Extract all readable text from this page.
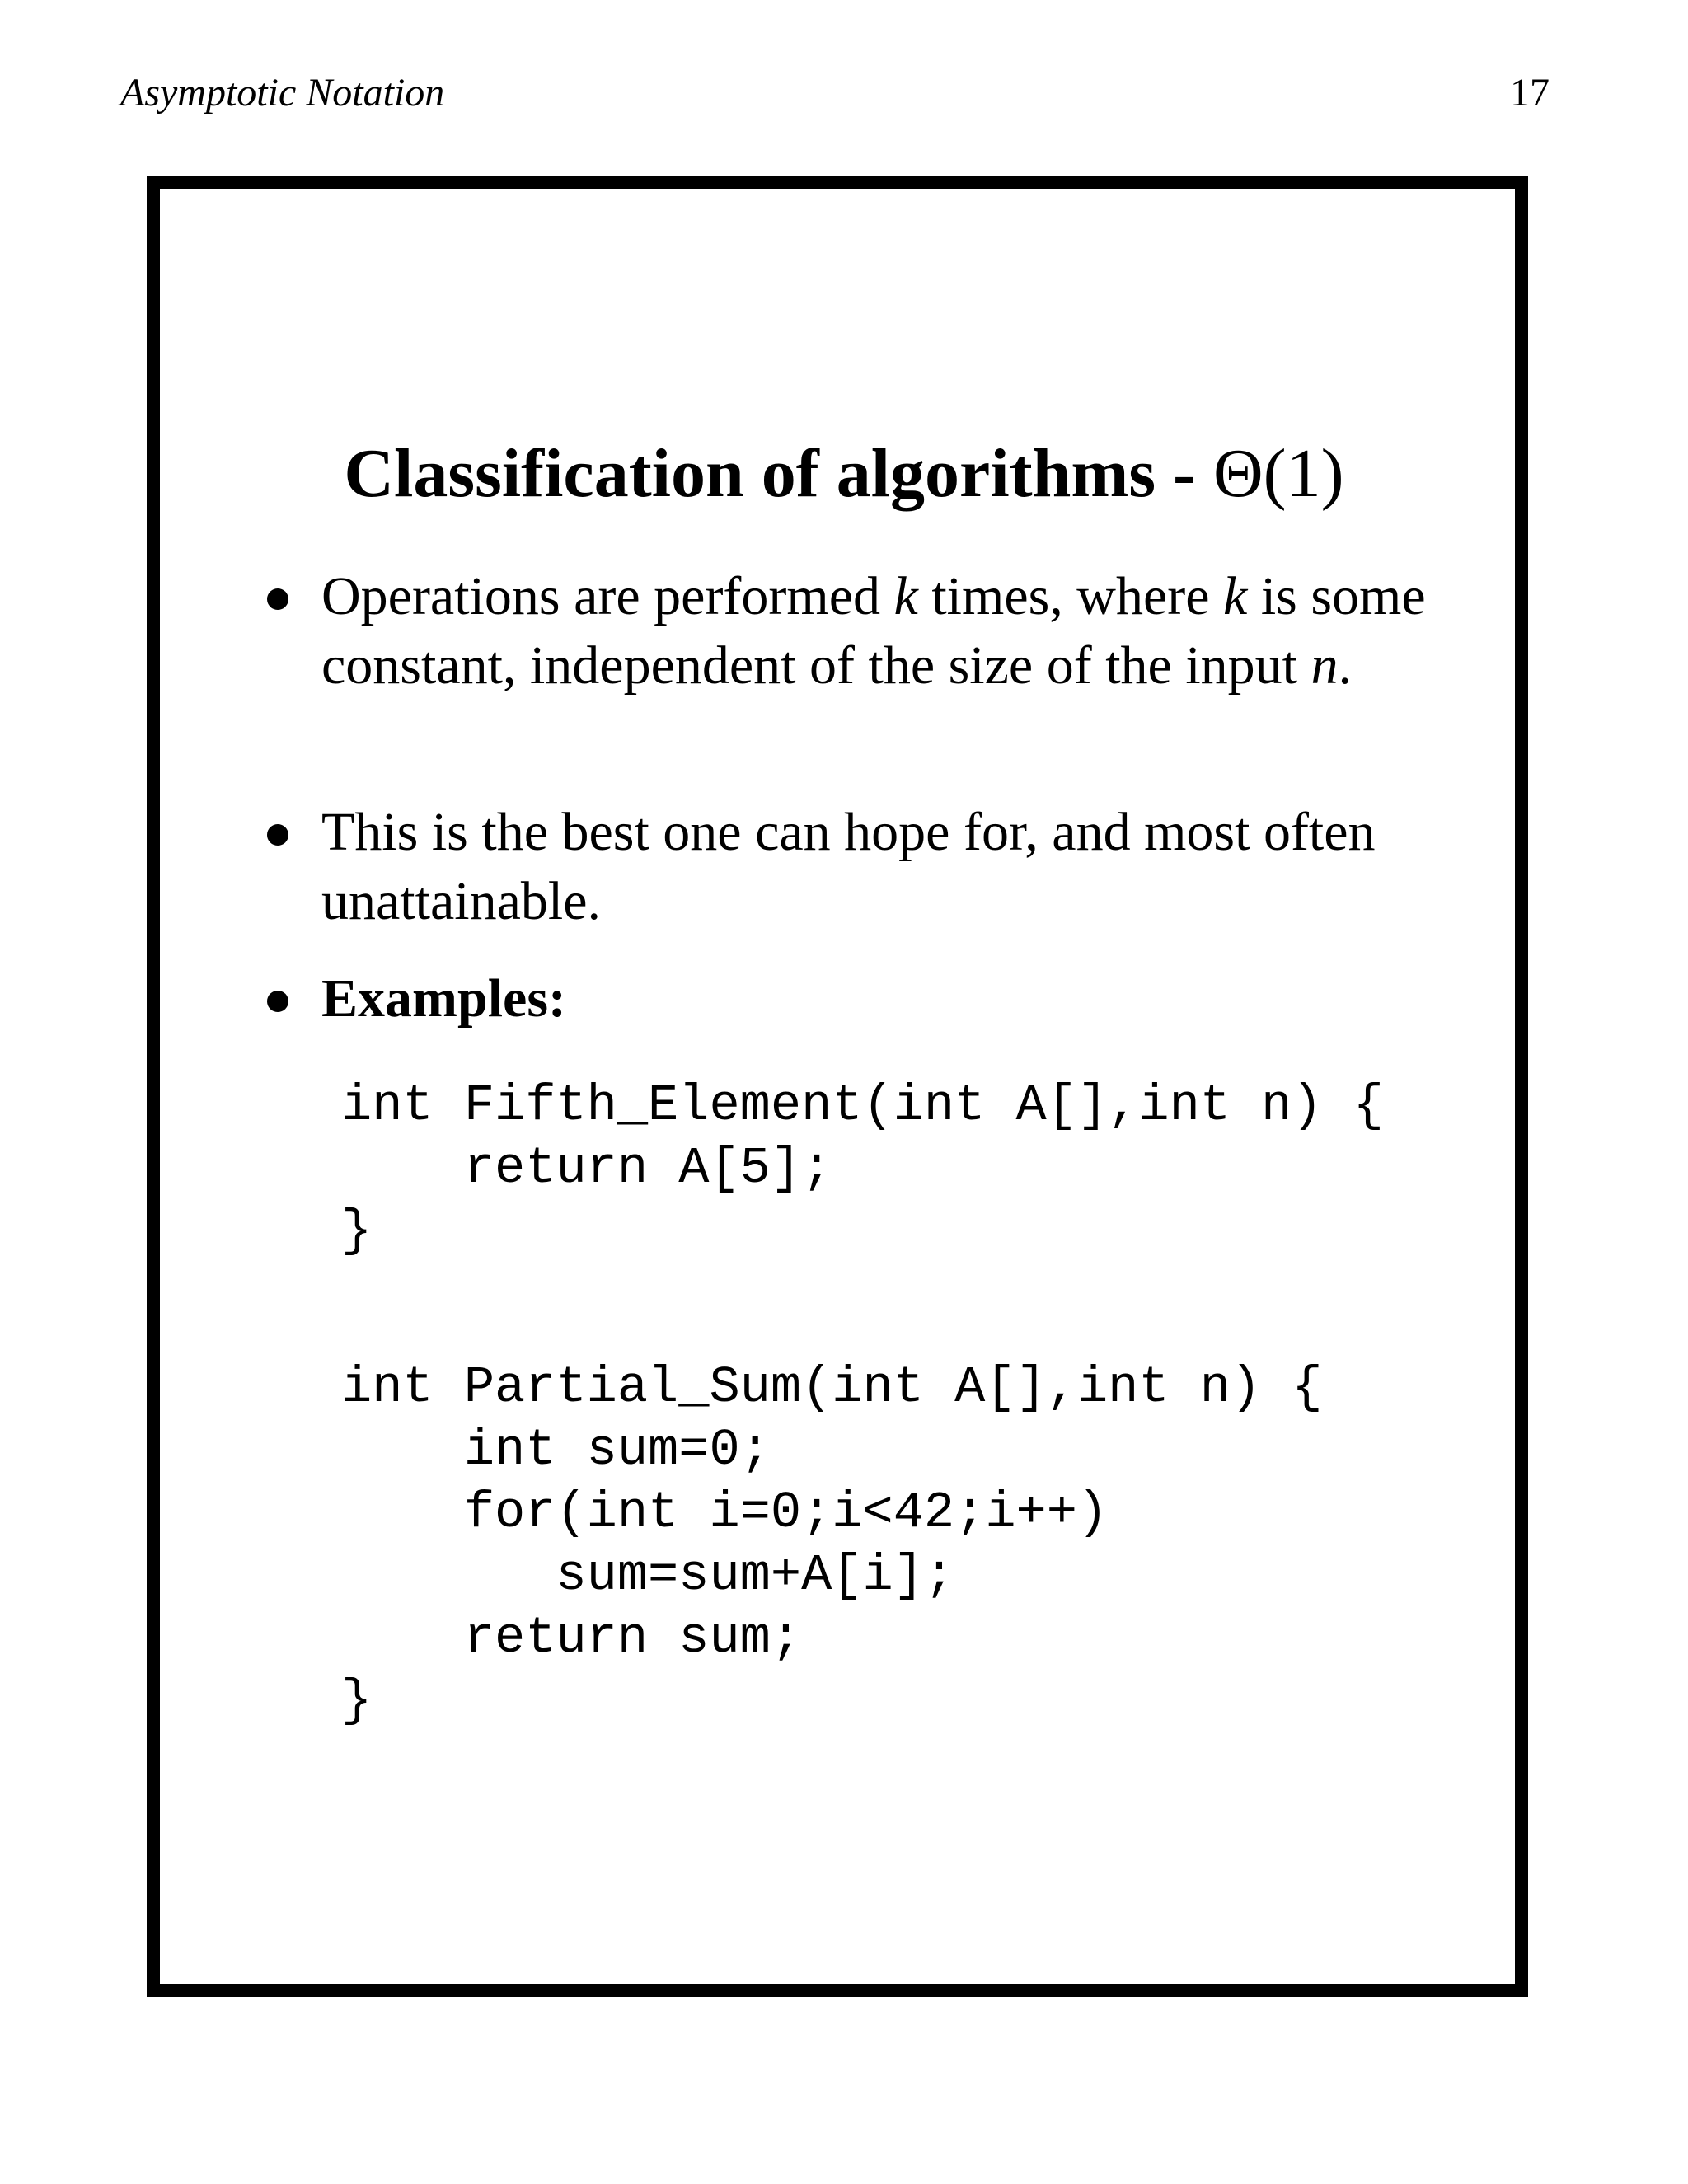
Asymptotic Notation	17
Classification of algorithms - Θ(1)
Operations are performed k times, where k is some constant, independent of the size of the input n.
This is the best one can hope for, and most often unattainable.
Examples:
int Fifth_Element(int A[],int n) {
return A[5];
}
int Partial_Sum(int A[],int n) {
int sum=0;
for(int i=0;i<42;i++)
sum=sum+A[i];
return sum;
}
